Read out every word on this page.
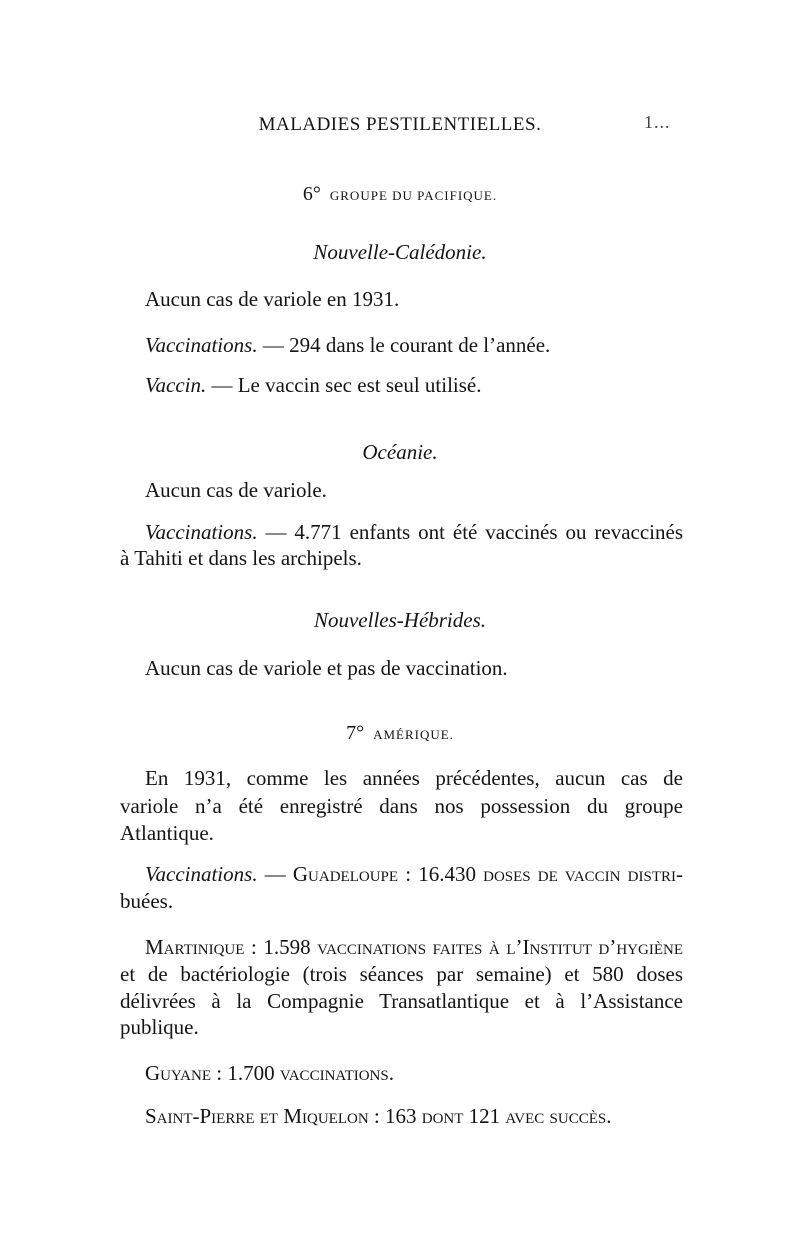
MALADIES PESTILENTIELLES.	1...
6° GROUPE DU PACIFIQUE.
Nouvelle-Calédonie.
Aucun cas de variole en 1931.
Vaccinations. — 294 dans le courant de l’année.
Vaccin. — Le vaccin sec est seul utilisé.
Océanie.
Aucun cas de variole.
Vaccinations. — 4.771 enfants ont été vaccinés ou revaccinés
à Tahiti et dans les archipels.
Nouvelles-Hébrides.
Aucun cas de variole et pas de vaccination.
7° AMÉRIQUE.
En 1931, comme les années précédentes, aucun cas de
variole n’a été enregistré dans nos possession du groupe
Atlantique.
Vaccinations. — Guadeloupe : 16.430 doses de vaccin distri-
buées.
Martinique : 1.598 vaccinations faites à l’Institut d’hygiène
et de bactériologie (trois séances par semaine) et 580 doses
délivrées à la Compagnie Transatlantique et à l’Assistance
publique.
Guyane : 1.700 vaccinations.
Saint-Pierre et Miquelon : 163 dont 121 avec succès.
